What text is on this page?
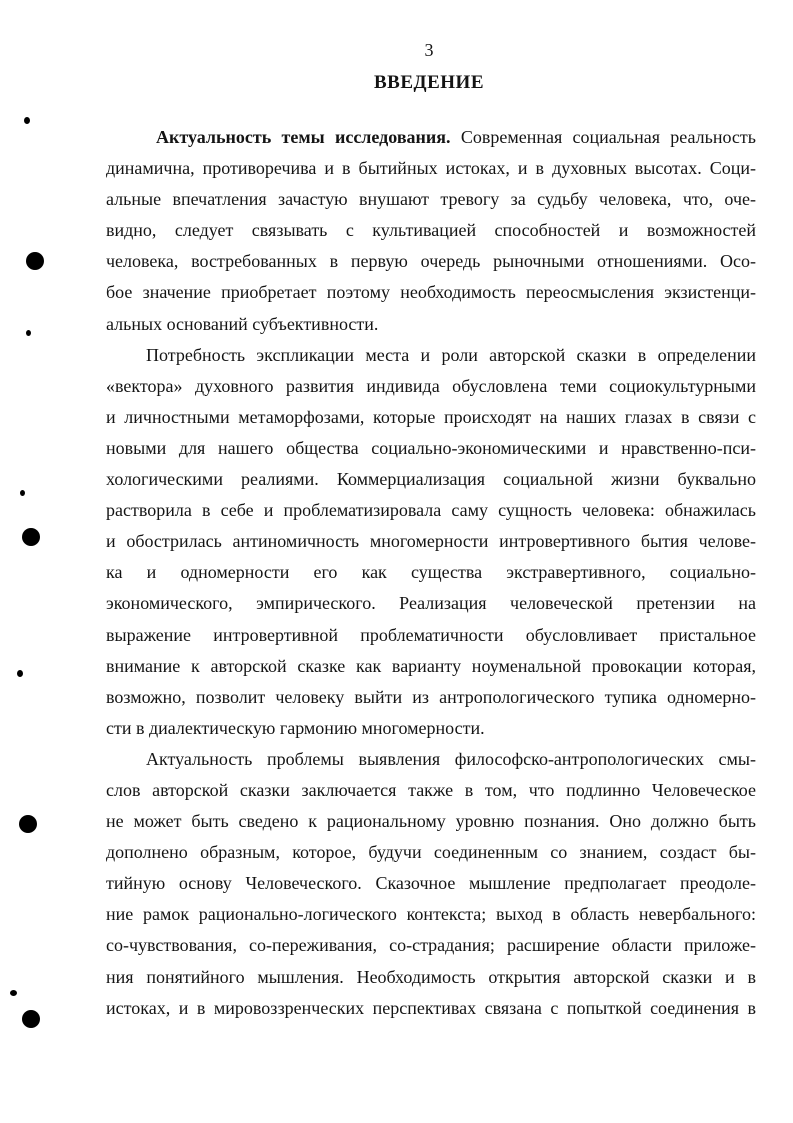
3
ВВЕДЕНИЕ
Актуальность темы исследования. Современная социальная реальность
динамична, противоречива и в бытийных истоках, и в духовных высотах. Соци-
альные впечатления зачастую внушают тревогу за судьбу человека, что, оче-
видно, следует связывать с культивацией способностей и возможностей
человека, востребованных в первую очередь рыночными отношениями. Осо-
бое значение приобретает поэтому необходимость переосмысления экзистенци-
альных оснований субъективности.
Потребность экспликации места и роли авторской сказки в определении
«вектора» духовного развития индивида обусловлена теми социокультурными
и личностными метаморфозами, которые происходят на наших глазах в связи с
новыми для нашего общества социально-экономическими и нравственно-пси-
хологическими реалиями. Коммерциализация социальной жизни буквально
растворила в себе и проблематизировала саму сущность человека: обнажилась
и обострилась антиномичность многомерности интровертивного бытия челове-
ка и одномерности его как существа экстравертивного, социально-
экономического, эмпирического. Реализация человеческой претензии на
выражение интровертивной проблематичности обусловливает пристальное
внимание к авторской сказке как варианту ноуменальной провокации которая,
возможно, позволит человеку выйти из антропологического тупика одномерно-
сти в диалектическую гармонию многомерности.
Актуальность проблемы выявления философско-антропологических смы-
слов авторской сказки заключается также в том, что подлинно Человеческое
не может быть сведено к рациональному уровню познания. Оно должно быть
дополнено образным, которое, будучи соединенным со знанием, создаст бы-
тийную основу Человеческого. Сказочное мышление предполагает преодоле-
ние рамок рационально-логического контекста; выход в область невербального:
со-чувствования, со-переживания, со-страдания; расширение области приложе-
ния понятийного мышления. Необходимость открытия авторской сказки и в
истоках, и в мировоззренческих перспективах связана с попыткой соединения в
